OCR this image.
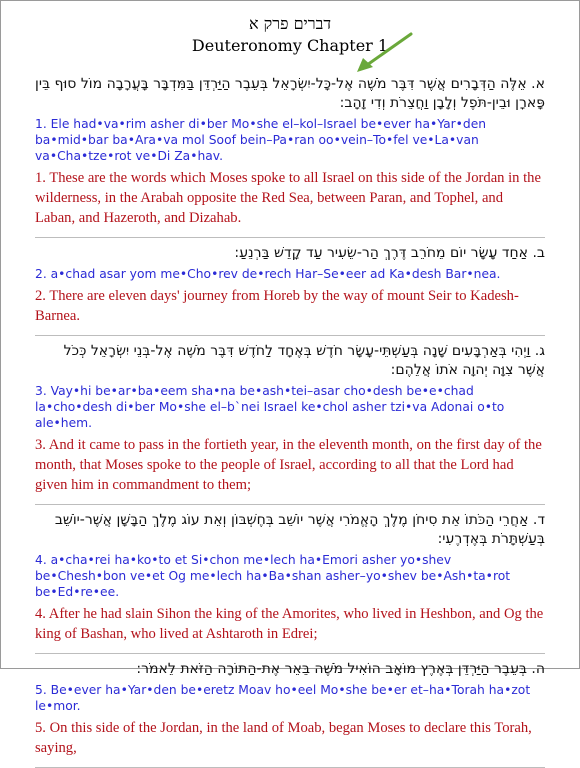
דברים פרק א
Deuteronomy Chapter 1
א. אֵלֶּה הַדְּבָרִים אֲשֶׁר דִּבֶּר מֹשֶׁה אֶל-כָּל-יִשְׂרָאֵל בְּעֵבֶר הַיַּרְדֵּן בַּמִּדְבָּר בָּעֲרָבָה מוֹל סוּף בֵּין פָּארָן וּבֵין-תֹּפֶל וְלָבָן וַחֲצֵרֹת וְדִי זָהָב:
1. Ele had•va•rim asher di•ber Mo•she el–kol–Israel be•ever ha•Yar•den ba•mid•bar ba•Ara•va mol Soof bein–Pa•ran oo•vein–To•fel ve•La•van va•Cha•tze•rot ve•Di Za•hav.
1. These are the words which Moses spoke to all Israel on this side of the Jordan in the wilderness, in the Arabah opposite the Red Sea, between Paran, and Tophel, and Laban, and Hazeroth, and Dizahab.
ב. אַחַד עָשָׂר יוֹם מֵחֹרֵב דֶּרֶךְ הַר-שֵׂעִיר עַד קָדֵשׁ בַּרְנֵעַ:
2. a•chad asar yom me•Cho•rev de•rech Har–Se•eer ad Ka•desh Bar•nea.
2. There are eleven days' journey from Horeb by the way of mount Seir to Kadesh-Barnea.
ג. וַיְהִי בְּאַרְבָּעִים שָׁנָה בְּעַשְׁתֵּי-עָשָׂר חֹדֶשׁ בְּאֶחָד לַחֹדֶשׁ דִּבֶּר מֹשֶׁה אֶל-בְּנֵי יִשְׂרָאֵל כְּכֹל אֲשֶׁר צִוָּה יְהוָה אֹתוֹ אֲלֵהֶם:
3. Vay•hi be•ar•ba•eem sha•na be•ash•tei–asar cho•desh be•e•chad la•cho•desh di•ber Mo•she el–b`nei Israel ke•chol asher tzi•va Adonai o•to ale•hem.
3. And it came to pass in the fortieth year, in the eleventh month, on the first day of the month, that Moses spoke to the people of Israel, according to all that the Lord had given him in commandment to them;
ד. אַחֲרֵי הַכֹּתוֹ אֵת סִיחֹן מֶלֶךְ הָאֱמֹרִי אֲשֶׁר יוֹשֵׁב בְּחֶשְׁבּוֹן וְאֵת עוֹג מֶלֶךְ הַבָּשָׁן אֲשֶׁר-יוֹשֵׁב בְּעַשְׁתָּרֹת בְּאֶדְרֶעִי:
4. a•cha•rei ha•ko•to et Si•chon me•lech ha•Emori asher yo•shev be•Chesh•bon ve•et Og me•lech ha•Ba•shan asher–yo•shev be•Ash•ta•rot be•Ed•re•ee.
4. After he had slain Sihon the king of the Amorites, who lived in Heshbon, and Og the king of Bashan, who lived at Ashtaroth in Edrei;
ה. בְּעֵבֶר הַיַּרְדֵּן בְּאֶרֶץ מוֹאָב הוֹאִיל מֹשֶׁה בֵּאֵר אֶת-הַתּוֹרָה הַזֹּאת לֵאמֹר:
5. Be•ever ha•Yar•den be•eretz Moav ho•eel Mo•she be•er et–ha•Torah ha•zot le•mor.
5. On this side of the Jordan, in the land of Moab, began Moses to declare this Torah, saying,
